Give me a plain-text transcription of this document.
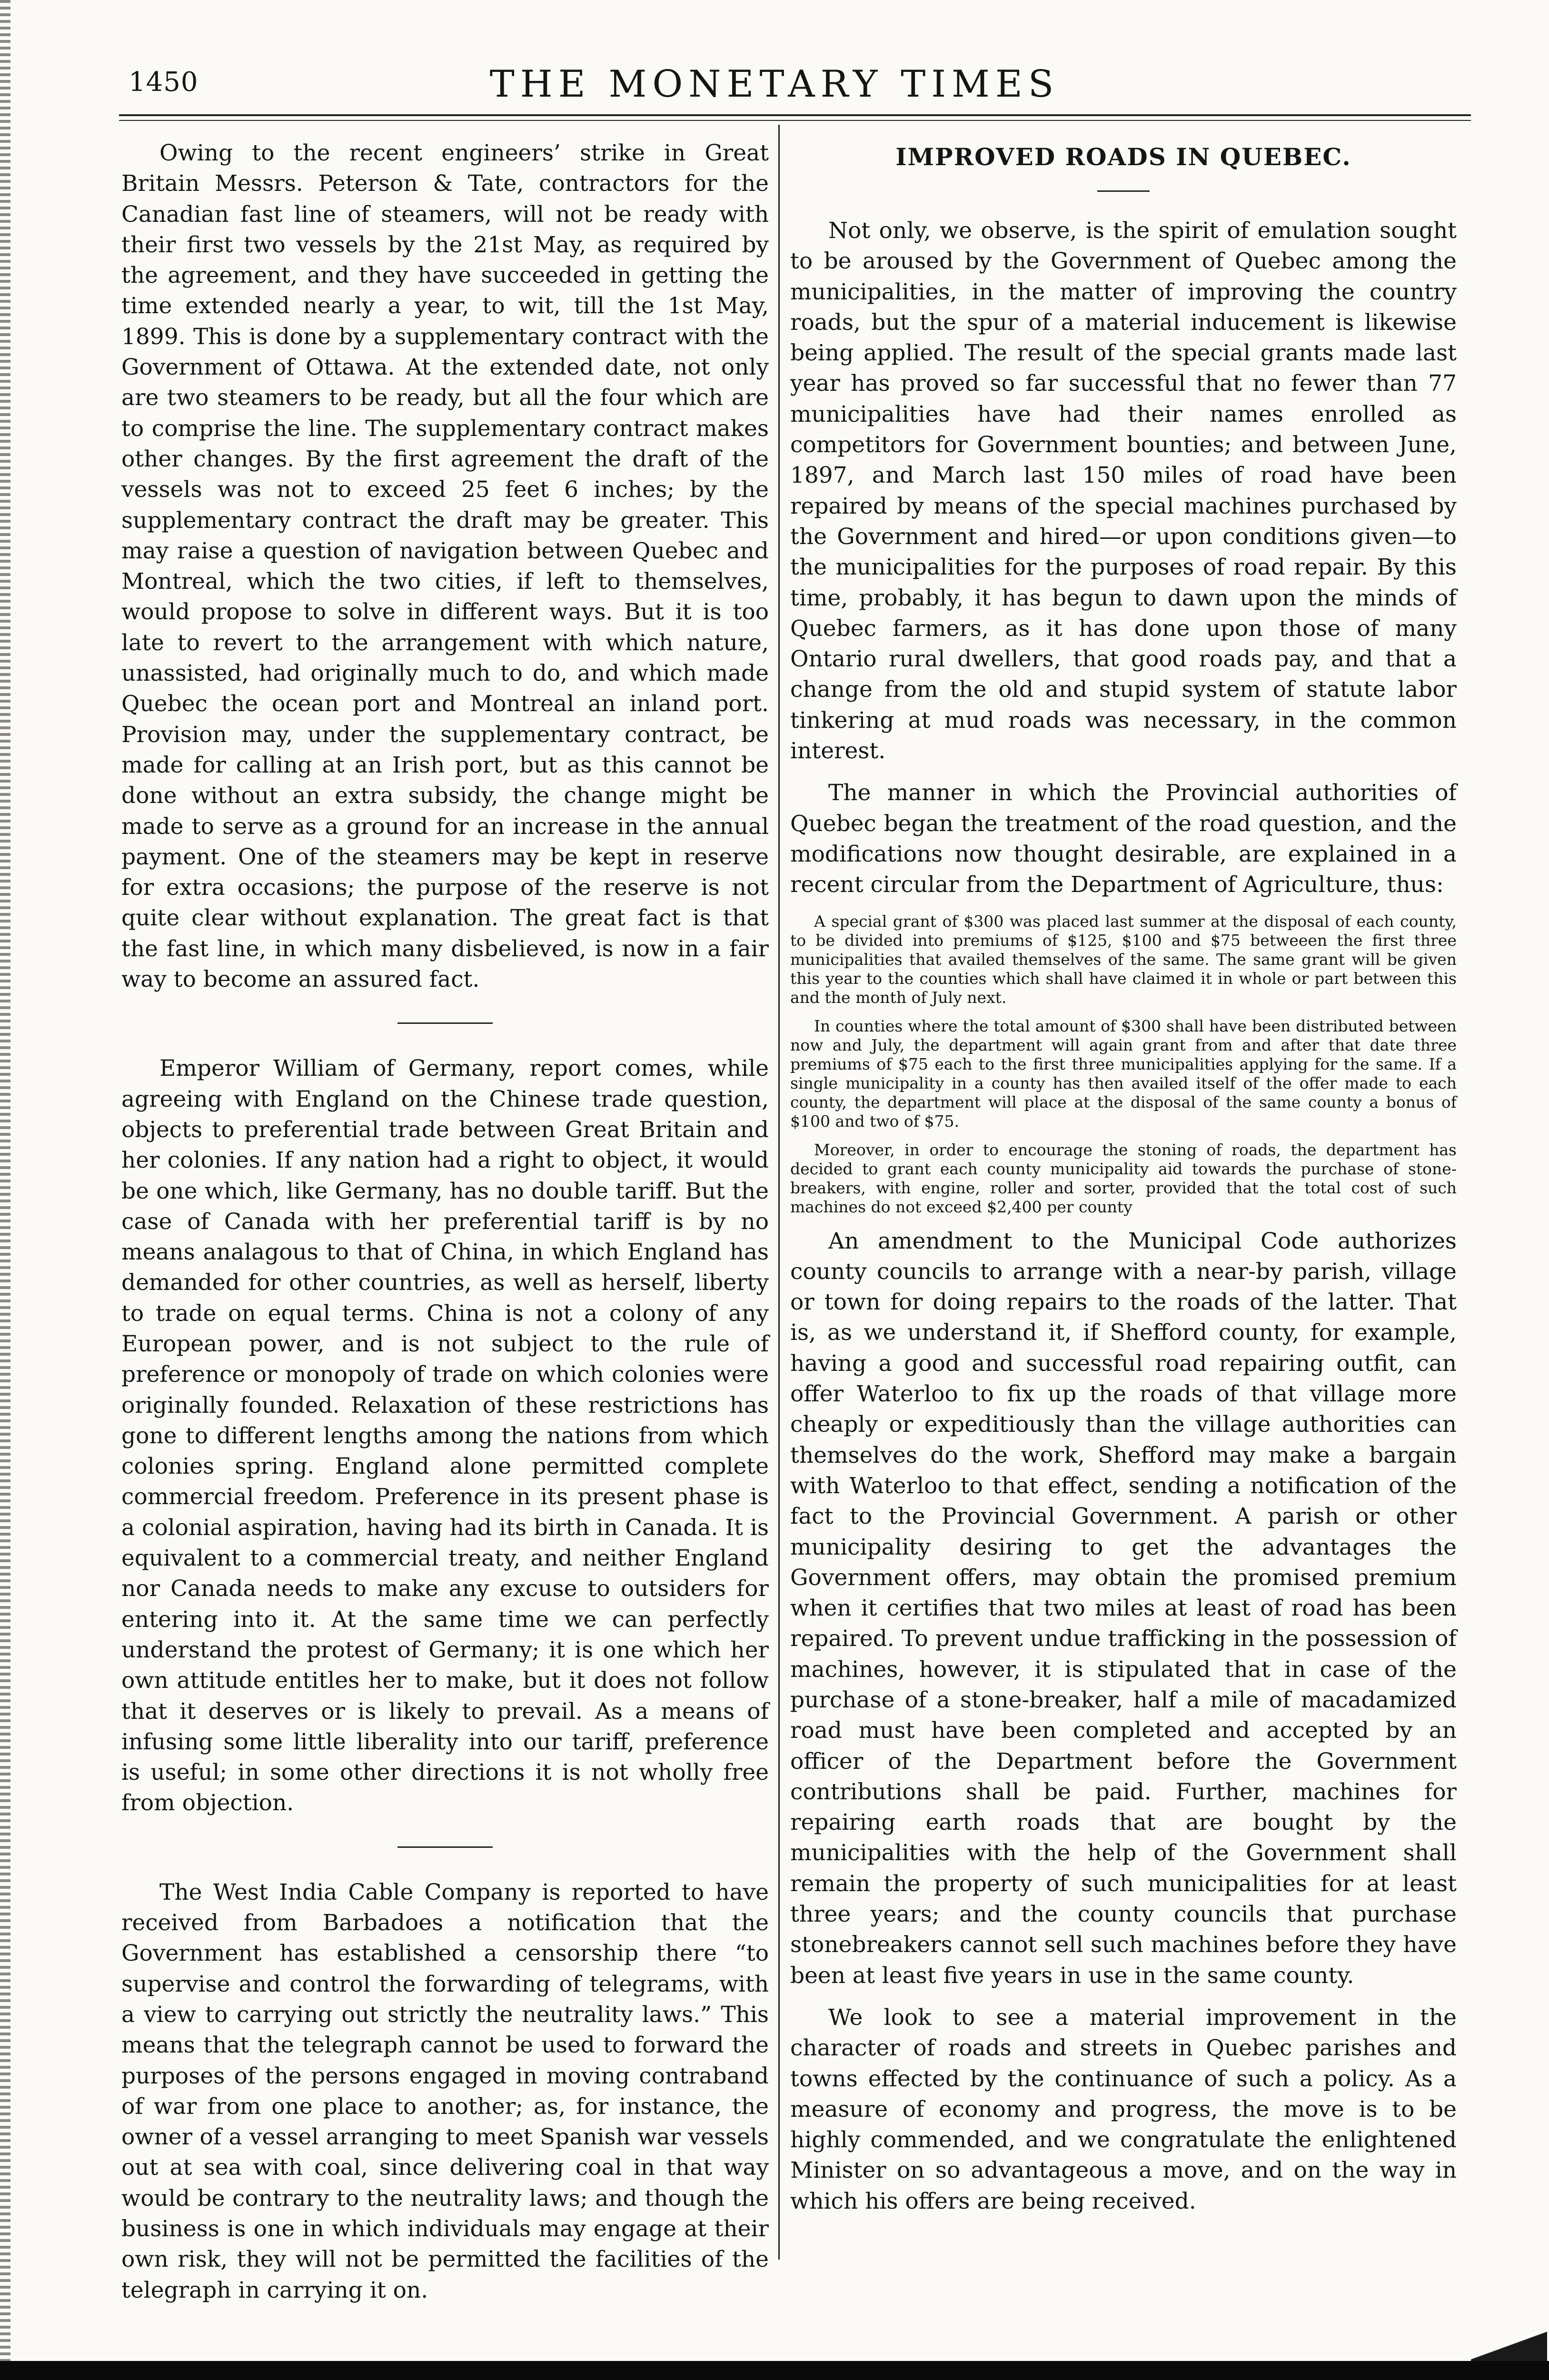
1450	THE MONETARY TIMES

Owing to the recent engineers’ strike in Great Britain Messrs. Peterson & Tate, contractors for the Canadian fast line of steamers, will not be ready with their first two vessels by the 21st May, as required by the agreement, and they have succeeded in getting the time extended nearly a year, to wit, till the 1st May, 1899. This is done by a supplementary contract with the Government of Ottawa. At the extended date, not only are two steamers to be ready, but all the four which are to comprise the line. The supplementary contract makes other changes. By the first agreement the draft of the vessels was not to exceed 25 feet 6 inches; by the supplementary contract the draft may be greater. This may raise a question of navigation between Quebec and Montreal, which the two cities, if left to themselves, would propose to solve in different ways. But it is too late to revert to the arrangement with which nature, unassisted, had originally much to do, and which made Quebec the ocean port and Montreal an inland port. Provision may, under the supplementary contract, be made for calling at an Irish port, but as this cannot be done without an extra subsidy, the change might be made to serve as a ground for an increase in the annual payment. One of the steamers may be kept in reserve for extra occasions; the purpose of the reserve is not quite clear without explanation. The great fact is that the fast line, in which many disbelieved, is now in a fair way to become an assured fact.

Emperor William of Germany, report comes, while agreeing with England on the Chinese trade question, objects to preferential trade between Great Britain and her colonies. If any nation had a right to object, it would be one which, like Germany, has no double tariff. But the case of Canada with her preferential tariff is by no means analagous to that of China, in which England has demanded for other countries, as well as herself, liberty to trade on equal terms. China is not a colony of any European power, and is not subject to the rule of preference or monopoly of trade on which colonies were originally founded. Relaxation of these restrictions has gone to different lengths among the nations from which colonies spring. England alone permitted complete commercial freedom. Preference in its present phase is a colonial aspiration, having had its birth in Canada. It is equivalent to a commercial treaty, and neither England nor Canada needs to make any excuse to outsiders for entering into it. At the same time we can perfectly understand the protest of Germany; it is one which her own attitude entitles her to make, but it does not follow that it deserves or is likely to prevail. As a means of infusing some little liberality into our tariff, preference is useful; in some other directions it is not wholly free from objection.

The West India Cable Company is reported to have received from Barbadoes a notification that the Government has established a censorship there “to supervise and control the forwarding of telegrams, with a view to carrying out strictly the neutrality laws.” This means that the telegraph cannot be used to forward the purposes of the persons engaged in moving contraband of war from one place to another; as, for instance, the owner of a vessel arranging to meet Spanish war vessels out at sea with coal, since delivering coal in that way would be contrary to the neutrality laws; and though the business is one in which individuals may engage at their own risk, they will not be permitted the facilities of the telegraph in carrying it on.

IMPROVED ROADS IN QUEBEC.

Not only, we observe, is the spirit of emulation sought to be aroused by the Government of Quebec among the municipalities, in the matter of improving the country roads, but the spur of a material inducement is likewise being applied. The result of the special grants made last year has proved so far successful that no fewer than 77 municipalities have had their names enrolled as competitors for Government bounties; and between June, 1897, and March last 150 miles of road have been repaired by means of the special machines purchased by the Government and hired—or upon conditions given—to the municipalities for the purposes of road repair. By this time, probably, it has begun to dawn upon the minds of Quebec farmers, as it has done upon those of many Ontario rural dwellers, that good roads pay, and that a change from the old and stupid system of statute labor tinkering at mud roads was necessary, in the common interest.

The manner in which the Provincial authorities of Quebec began the treatment of the road question, and the modifications now thought desirable, are explained in a recent circular from the Department of Agriculture, thus:

A special grant of $300 was placed last summer at the disposal of each county, to be divided into premiums of $125, $100 and $75 betweeen the first three municipalities that availed themselves of the same. The same grant will be given this year to the counties which shall have claimed it in whole or part between this and the month of July next.

In counties where the total amount of $300 shall have been distributed between now and July, the department will again grant from and after that date three premiums of $75 each to the first three municipalities applying for the same. If a single municipality in a county has then availed itself of the offer made to each county, the department will place at the disposal of the same county a bonus of $100 and two of $75.

Moreover, in order to encourage the stoning of roads, the department has decided to grant each county municipality aid towards the purchase of stone-breakers, with engine, roller and sorter, provided that the total cost of such machines do not exceed $2,400 per county

An amendment to the Municipal Code authorizes county councils to arrange with a near-by parish, village or town for doing repairs to the roads of the latter. That is, as we understand it, if Shefford county, for example, having a good and successful road repairing outfit, can offer Waterloo to fix up the roads of that village more cheaply or expeditiously than the village authorities can themselves do the work, Shefford may make a bargain with Waterloo to that effect, sending a notification of the fact to the Provincial Government. A parish or other municipality desiring to get the advantages the Government offers, may obtain the promised premium when it certifies that two miles at least of road has been repaired. To prevent undue trafficking in the possession of machines, however, it is stipulated that in case of the purchase of a stone-breaker, half a mile of macadamized road must have been completed and accepted by an officer of the Department before the Government contributions shall be paid. Further, machines for repairing earth roads that are bought by the municipalities with the help of the Government shall remain the property of such municipalities for at least three years; and the county councils that purchase stonebreakers cannot sell such machines before they have been at least five years in use in the same county.

We look to see a material improvement in the character of roads and streets in Quebec parishes and towns effected by the continuance of such a policy. As a measure of economy and progress, the move is to be highly commended, and we congratulate the enlightened Minister on so advantageous a move, and on the way in which his offers are being received.
